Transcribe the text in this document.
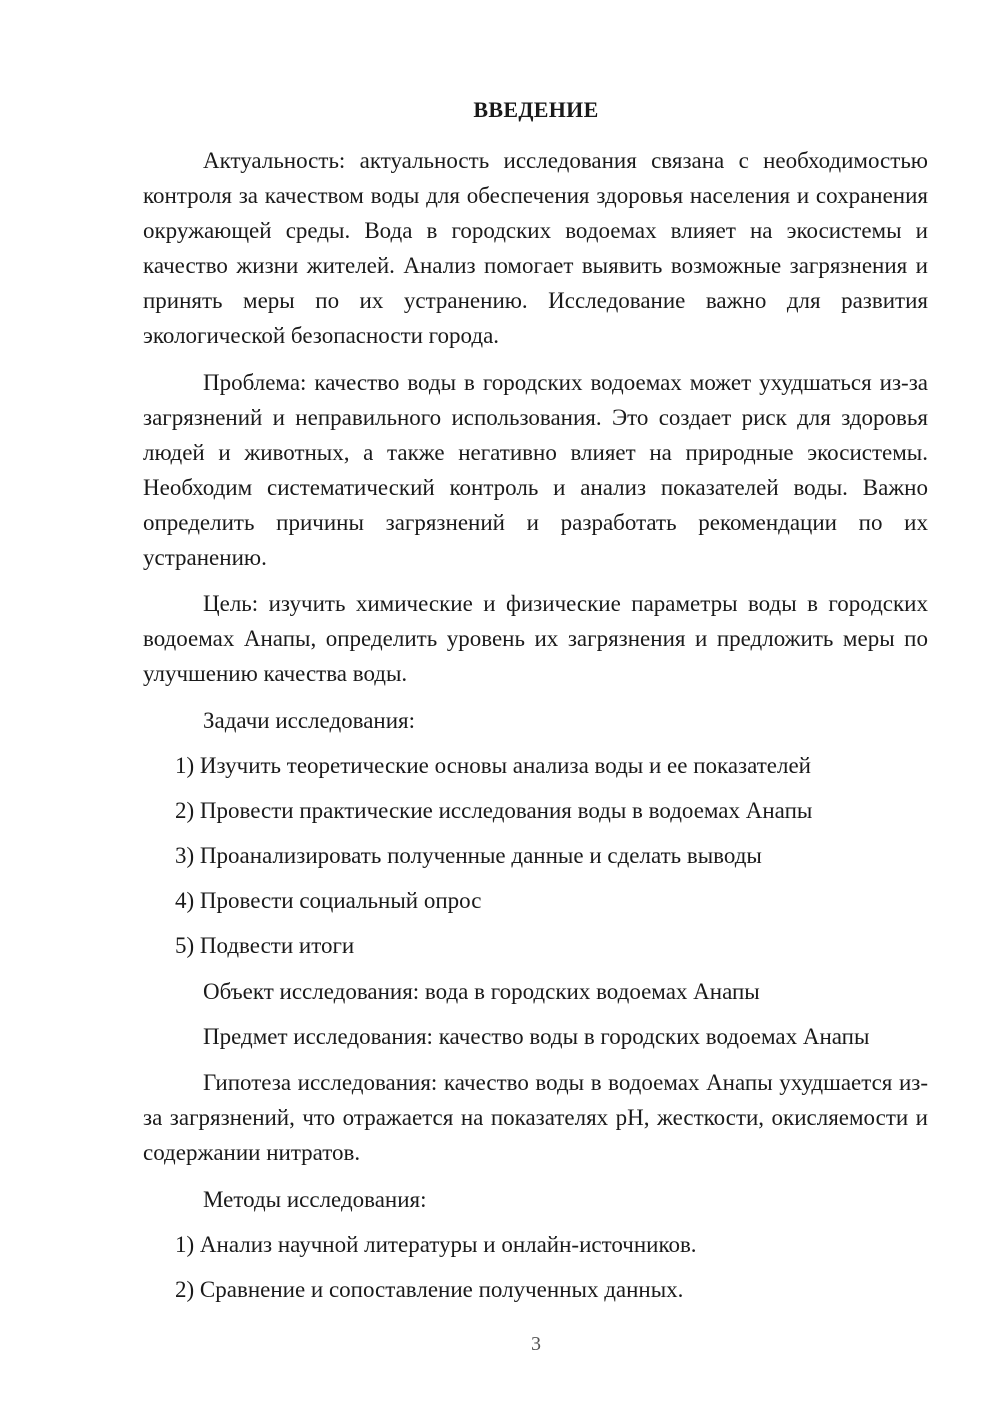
ВВЕДЕНИЕ

Актуальность: актуальность исследования связана с необходимостью контроля за качеством воды для обеспечения здоровья населения и сохранения окружающей среды. Вода в городских водоемах влияет на экосистемы и качество жизни жителей. Анализ помогает выявить возможные загрязнения и принять меры по их устранению. Исследование важно для развития экологической безопасности города.

Проблема: качество воды в городских водоемах может ухудшаться из-за загрязнений и неправильного использования. Это создает риск для здоровья людей и животных, а также негативно влияет на природные экосистемы. Необходим систематический контроль и анализ показателей воды. Важно определить причины загрязнений и разработать рекомендации по их устранению.

Цель: изучить химические и физические параметры воды в городских водоемах Анапы, определить уровень их загрязнения и предложить меры по улучшению качества воды.

Задачи исследования:

1) Изучить теоретические основы анализа воды и ее показателей

2) Провести практические исследования воды в водоемах Анапы

3) Проанализировать полученные данные и сделать выводы

4) Провести социальный опрос

5) Подвести итоги

Объект исследования: вода в городских водоемах Анапы

Предмет исследования: качество воды в городских водоемах Анапы

Гипотеза исследования: качество воды в водоемах Анапы ухудшается из-за загрязнений, что отражается на показателях pH, жесткости, окисляемости и содержании нитратов.

Методы исследования:

1) Анализ научной литературы и онлайн-источников.

2) Сравнение и сопоставление полученных данных.

3
